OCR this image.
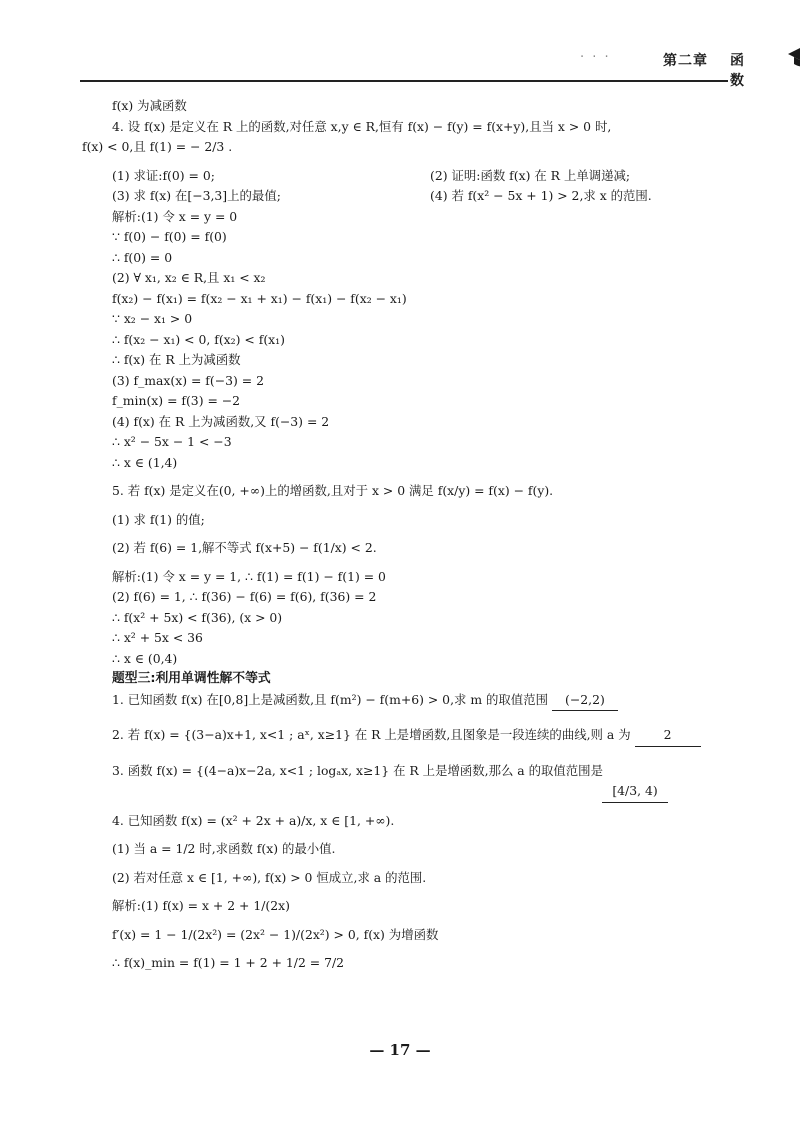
· · ·	第二章 函 数
f(x) 为减函数
4. 设 f(x) 是定义在 R 上的函数,对任意 x,y ∈ R,恒有 f(x) − f(y) = f(x+y),且当 x > 0 时,
f(x) < 0,且 f(1) = − 2/3 .
(1) 求证:f(0) = 0;	(2) 证明:函数 f(x) 在 R 上单调递减;
(3) 求 f(x) 在[−3,3]上的最值;	(4) 若 f(x² − 5x + 1) > 2,求 x 的范围.
解析:(1) 令 x = y = 0
∵ f(0) − f(0) = f(0)
∴ f(0) = 0
(2) ∀ x₁, x₂ ∈ R,且 x₁ < x₂
f(x₂) − f(x₁) = f(x₂ − x₁ + x₁) − f(x₁) − f(x₂ − x₁)
∵ x₂ − x₁ > 0
∴ f(x₂ − x₁) < 0, f(x₂) < f(x₁)
∴ f(x) 在 R 上为减函数
(3) f_max(x) = f(−3) = 2
f_min(x) = f(3) = −2
(4) f(x) 在 R 上为减函数,又 f(−3) = 2
∴ x² − 5x − 1 < −3
∴ x ∈ (1,4)
5. 若 f(x) 是定义在(0, +∞)上的增函数,且对于 x > 0 满足 f(x/y) = f(x) − f(y).
(1) 求 f(1) 的值;
(2) 若 f(6) = 1,解不等式 f(x+5) − f(1/x) < 2.
解析:(1) 令 x = y = 1, ∴ f(1) = f(1) − f(1) = 0
(2) f(6) = 1, ∴ f(36) − f(6) = f(6), f(36) = 2
∴ f(x² + 5x) < f(36), (x > 0)
∴ x² + 5x < 36
∴ x ∈ (0,4)
题型三:利用单调性解不等式
1. 已知函数 f(x) 在[0,8]上是减函数,且 f(m²) − f(m+6) > 0,求 m 的取值范围 (−2,2)
2. 若 f(x) = {(3−a)x+1, x<1 ; aˣ, x≥1} 在 R 上是增函数,且图象是一段连续的曲线,则 a 为	2
3. 函数 f(x) = {(4−a)x−2a, x<1 ; logₐx, x≥1} 在 R 上是增函数,那么 a 的取值范围是
[4/3, 4)
4. 已知函数 f(x) = (x² + 2x + a)/x, x ∈ [1, +∞).
(1) 当 a = 1/2 时,求函数 f(x) 的最小值.
(2) 若对任意 x ∈ [1, +∞), f(x) > 0 恒成立,求 a 的范围.
解析:(1) f(x) = x + 2 + 1/(2x)
f′(x) = 1 − 1/(2x²) = (2x² − 1)/(2x²) > 0, f(x) 为增函数
∴ f(x)_min = f(1) = 1 + 2 + 1/2 = 7/2
— 17 —
